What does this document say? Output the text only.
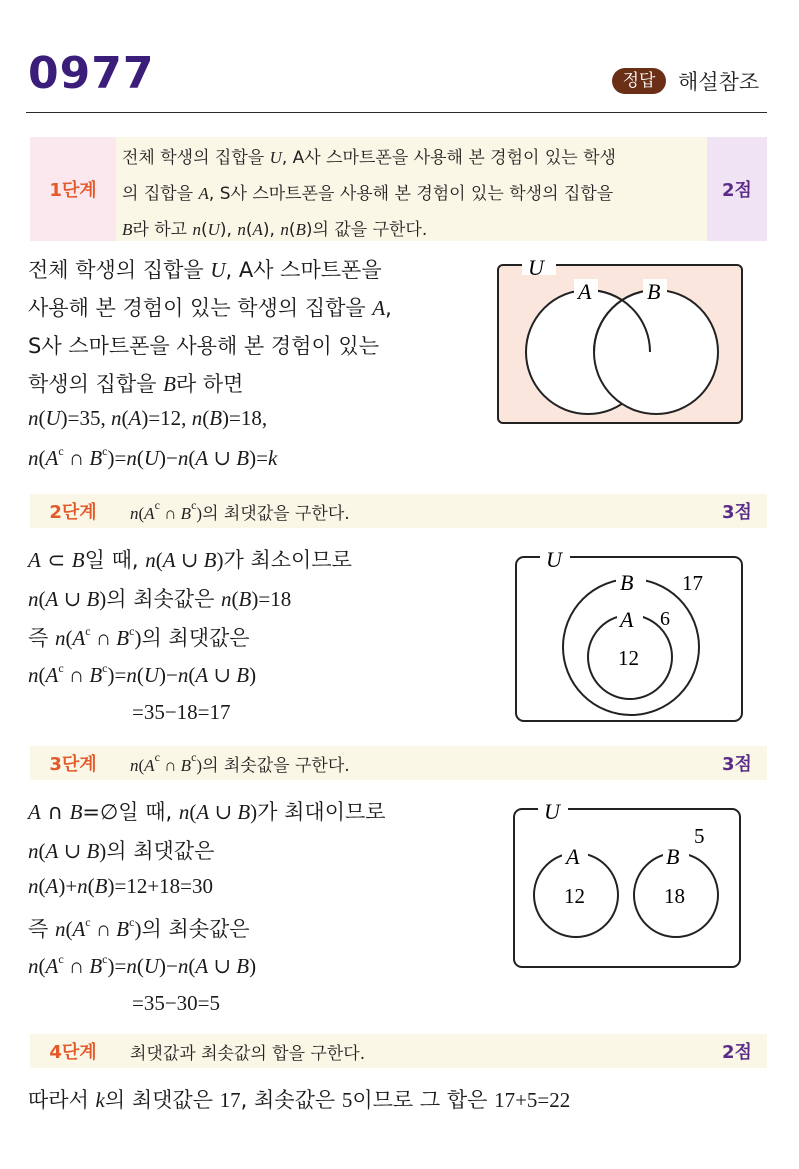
0977	정답	해설참조
1단계
전체 학생의 집합을 U, A사 스마트폰을 사용해 본 경험이 있는 학생
의 집합을 A, S사 스마트폰을 사용해 본 경험이 있는 학생의 집합을
B라 하고 n(U), n(A), n(B)의 값을 구한다.
2점
전체 학생의 집합을 U, A사 스마트폰을
사용해 본 경험이 있는 학생의 집합을 A,
S사 스마트폰을 사용해 본 경험이 있는
학생의 집합을 B라 하면
n(U)=35, n(A)=12, n(B)=18,
$n(A^c$ ∩ $B^c)=n(U)-n(A$ ∪ B)=k
U
A	B
2단계	$n(A^c$ ∩ $B^c$) 의 최댓값을 구한다.	3점
A ⊂ B일 때, n(A ∪ B)가 최소이므로
n(A ∪ B)의 최솟값은 n(B)=18
즉 $n(A^c$ ∩ $B^c$)의 최댓값은
$n(A^c$ ∩ $B^c)=n(U)-n(A$ ∪ B)
=35−18=17
U
17
B
A 6
12
3단계	$n(A^c$ ∩ $B^c$) 의 최솟값을 구한다.	3점
A ∩ B=∅일 때, n(A ∪ B)가 최대이므로
n(A ∪ B)의 최댓값은
n(A)+n(B)=12+18=30
즉 $n(A^c$ ∩ $B^c$)의 최솟값은
$n(A^c$ ∩ $B^c)=n(U)-n(A$ ∪ B)
=35−30=5
U
5
A	B
12	18
4단계	최댓값과 최솟값의 합을 구한다.	2점
따라서 k의 최댓값은 17, 최솟값은 5이므로 그 합은 17+5=22
